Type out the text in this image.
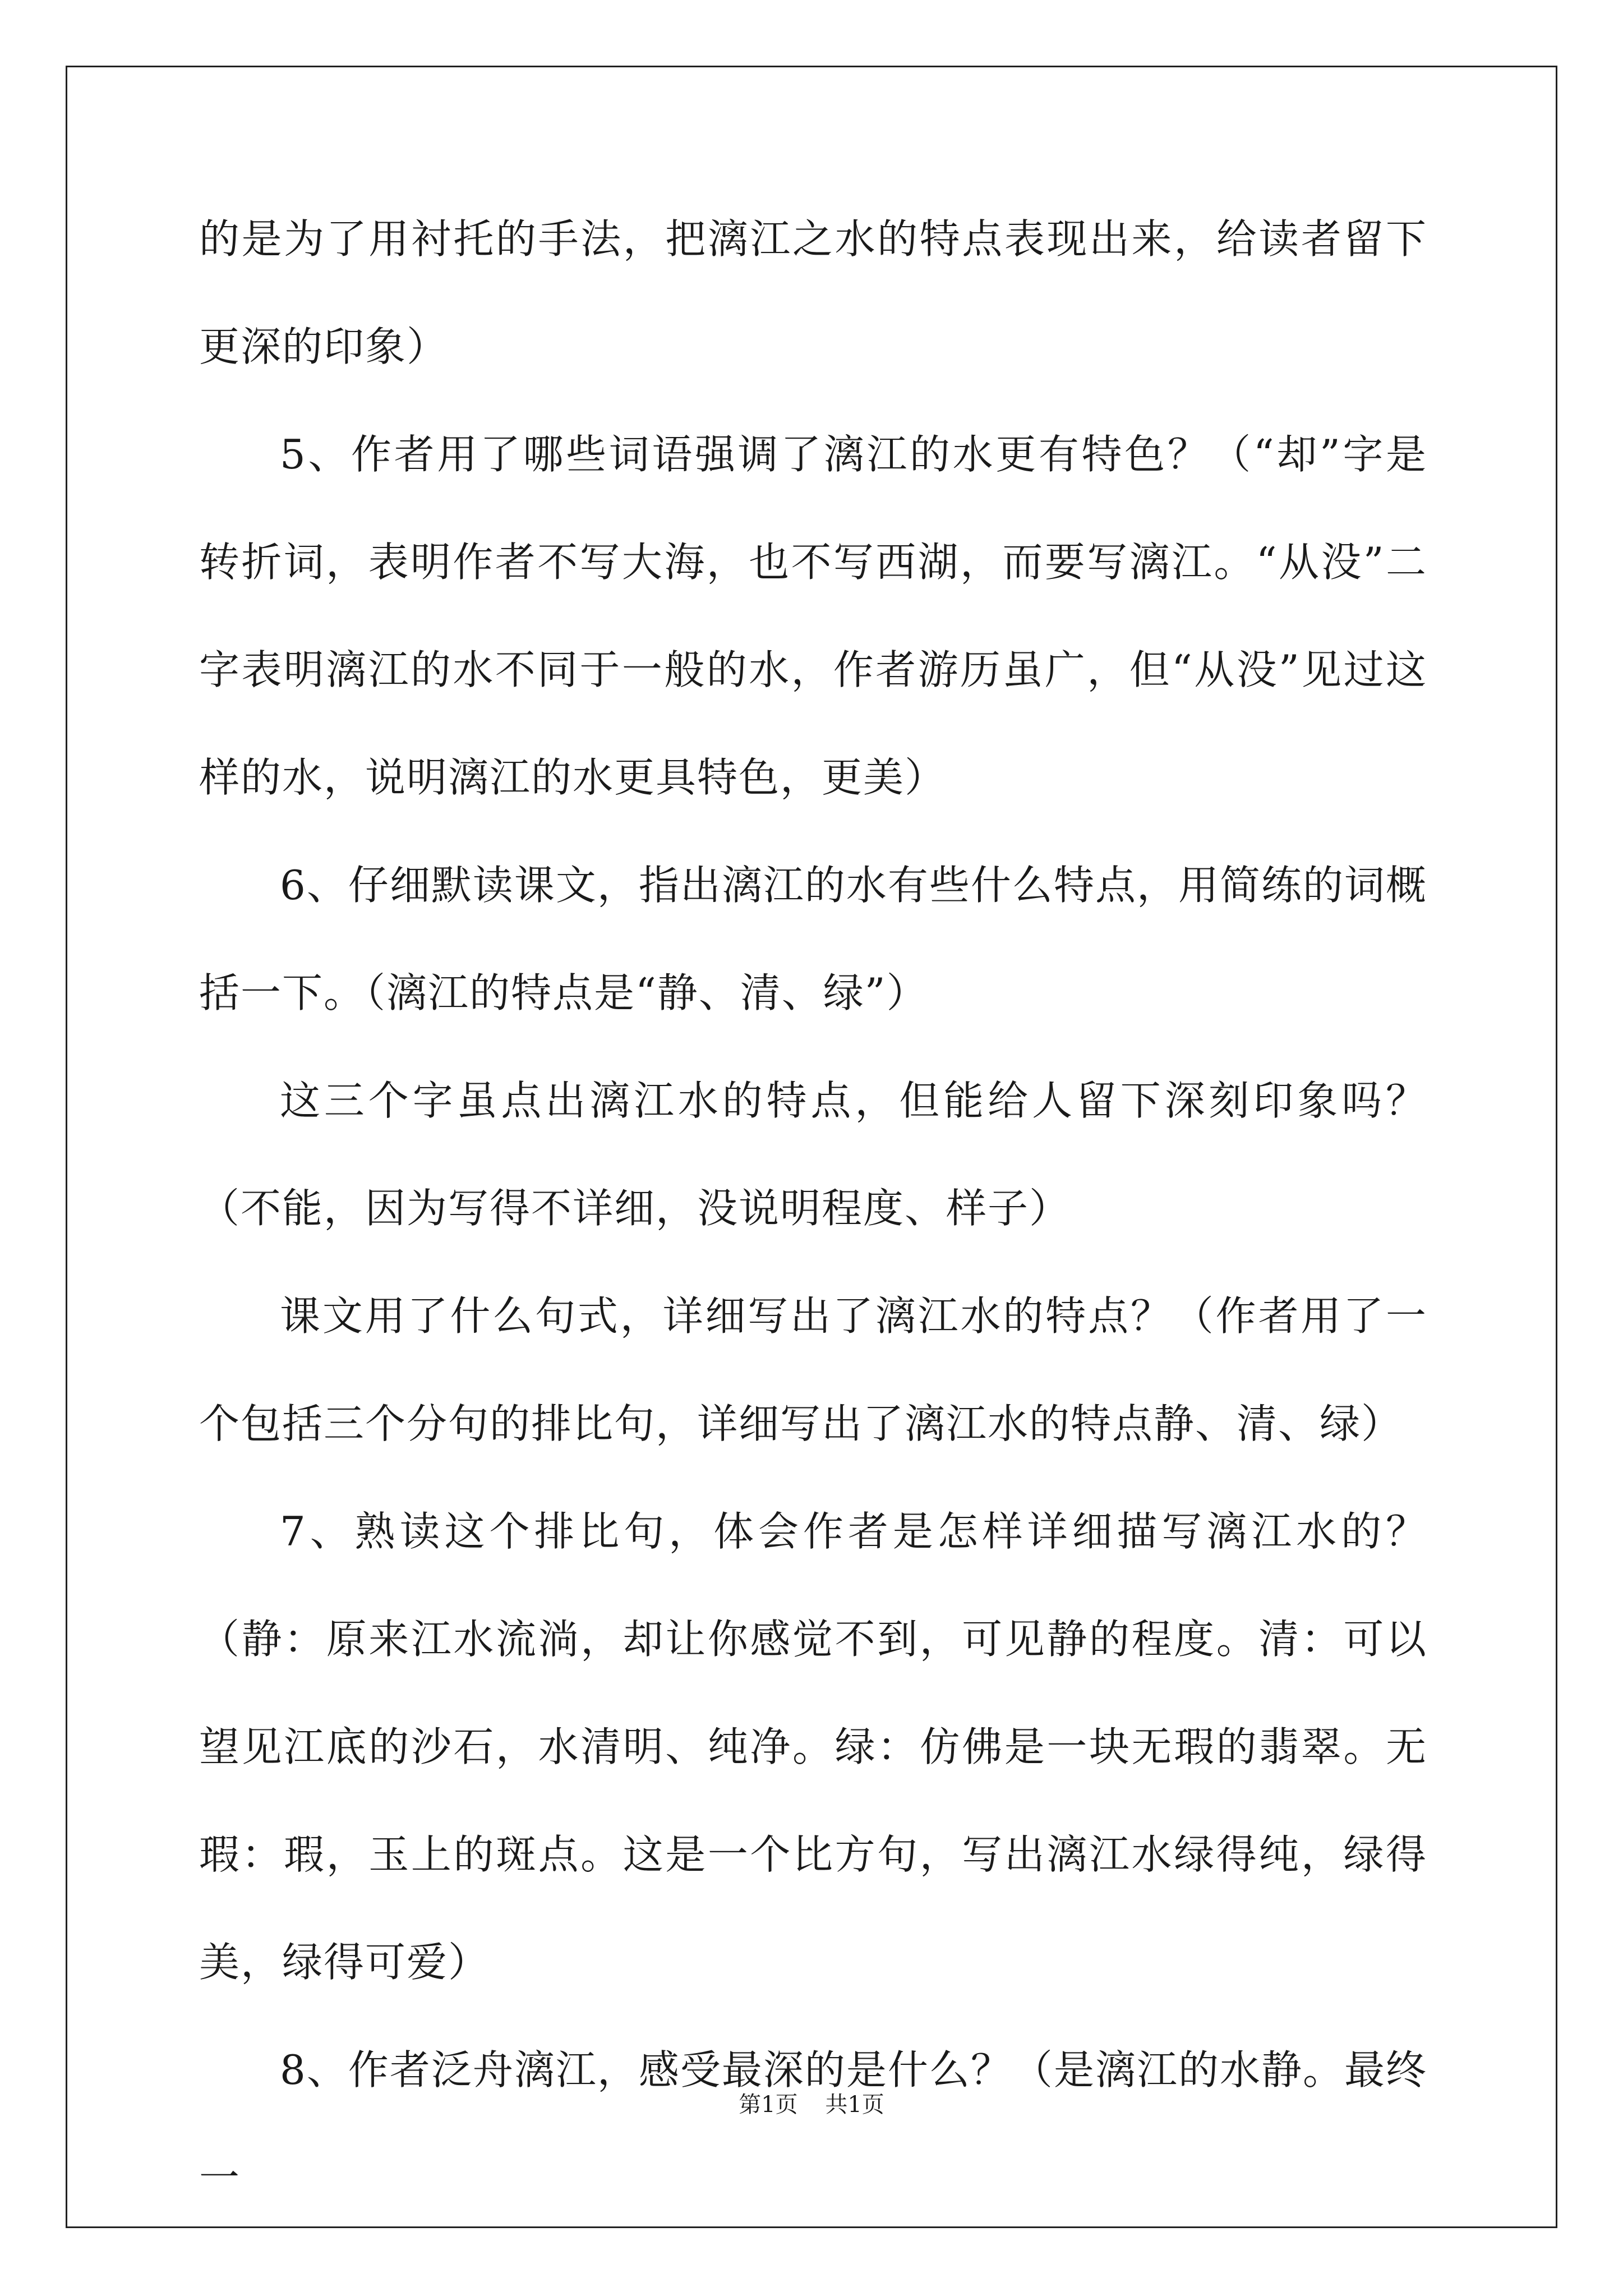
的是为了用衬托的手法，把漓江之水的特点表现出来，给读者留下更深的印象）

5、作者用了哪些词语强调了漓江的水更有特色？（“却”字是转折词，表明作者不写大海，也不写西湖，而要写漓江。“从没”二字表明漓江的水不同于一般的水，作者游历虽广，但“从没”见过这样的水，说明漓江的水更具特色，更美）

6、仔细默读课文，指出漓江的水有些什么特点，用简练的词概括一下。（漓江的特点是“静、清、绿”）

这三个字虽点出漓江水的特点，但能给人留下深刻印象吗？（不能，因为写得不详细，没说明程度、样子）

课文用了什么句式，详细写出了漓江水的特点？（作者用了一个包括三个分句的排比句，详细写出了漓江水的特点静、清、绿）

7、熟读这个排比句，体会作者是怎样详细描写漓江水的？（静：原来江水流淌，却让你感觉不到，可见静的程度。清：可以望见江底的沙石，水清明、纯净。绿：仿佛是一块无瑕的翡翠。无瑕：瑕，玉上的斑点。这是一个比方句，写出漓江水绿得纯，绿得美，绿得可爱）

8、作者泛舟漓江，感受最深的是什么？（是漓江的水静。最终一

第1页 共1页
